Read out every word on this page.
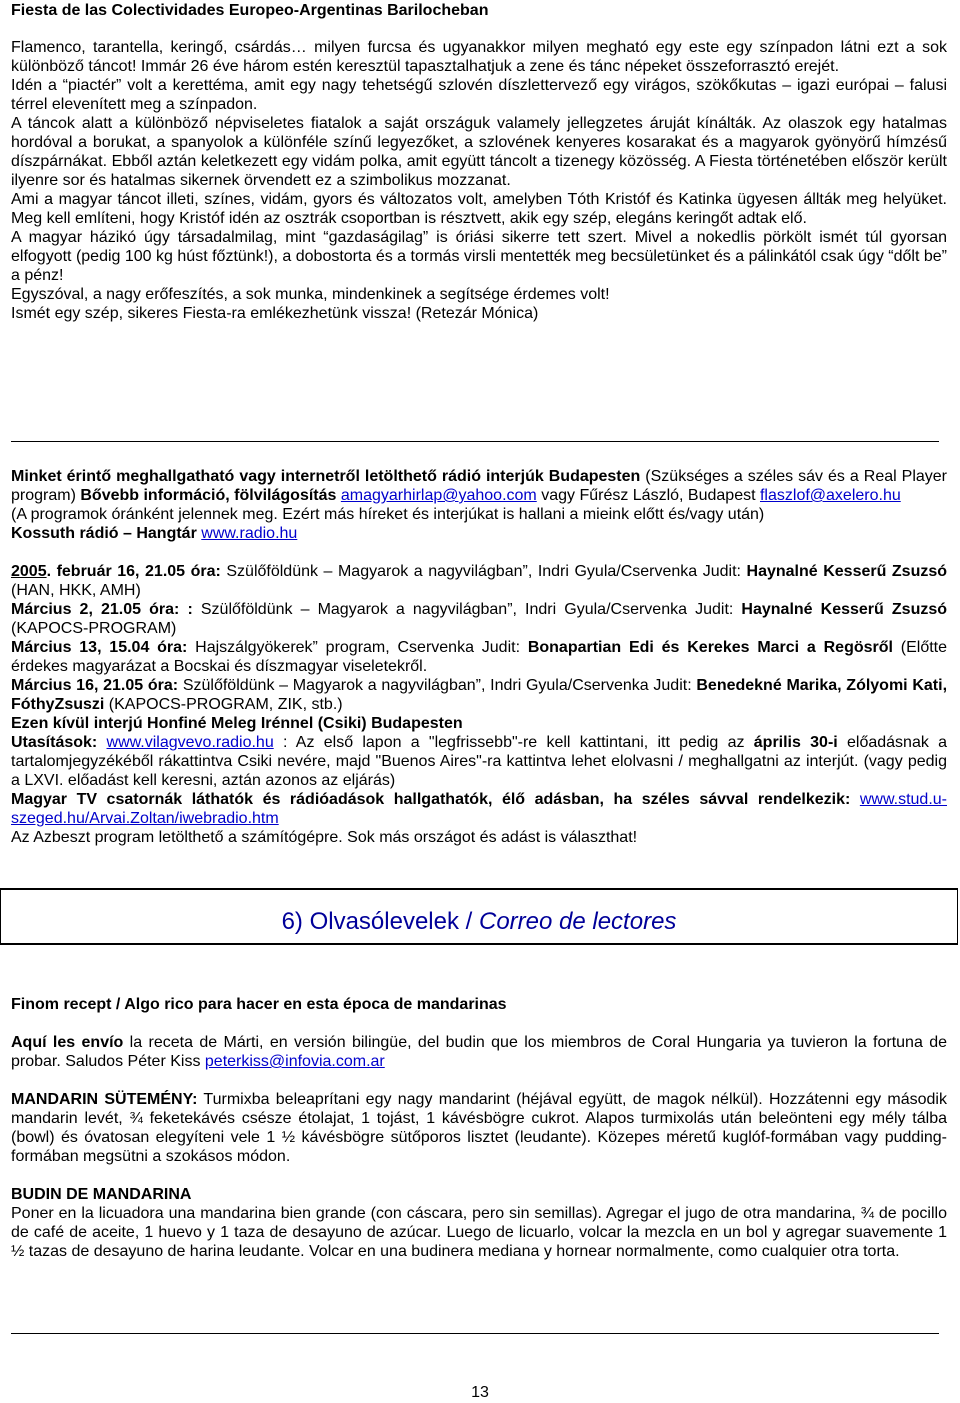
Fiesta de las Colectividades Europeo-Argentinas Barilocheban

Flamenco, tarantella, keringő, csárdás… milyen furcsa és ugyanakkor milyen megható egy este egy színpadon látni ezt a sok különböző táncot! Immár 26 éve három estén keresztül tapasztalhatjuk a zene és tánc népeket összeforrasztó erejét.

Idén a “piactér” volt a kerettéma, amit egy nagy tehetségű szlovén díszlettervező egy virágos, szökőkutas – igazi európai – falusi térrel elevenített meg a színpadon.

A táncok alatt a különböző népviseletes fiatalok a saját országuk valamely jellegzetes áruját kínálták. Az olaszok egy hatalmas hordóval a borukat, a spanyolok a különféle színű legyezőket, a szlovének kenyeres kosarakat és a magyarok gyönyörű hímzésű díszpárnákat. Ebből aztán keletkezett egy vidám polka, amit együtt táncolt a tizenegy közösség. A Fiesta történetében először került ilyenre sor és hatalmas sikernek örvendett ez a szimbolikus mozzanat.

Ami a magyar táncot illeti, színes, vidám, gyors és változatos volt, amelyben Tóth Kristóf és Katinka ügyesen állták meg helyüket. Meg kell említeni, hogy Kristóf idén az osztrák csoportban is résztvett, akik egy szép, elegáns keringőt adtak elő.

A magyar házikó úgy társadalmilag, mint “gazdaságilag” is óriási sikerre tett szert. Mivel a nokedlis pörkölt ismét túl gyorsan elfogyott (pedig 100 kg húst főztünk!), a dobostorta és a tormás virsli mentették meg becsületünket és a pálinkától csak úgy “dőlt be” a pénz!

Egyszóval, a nagy erőfeszítés, a sok munka, mindenkinek a segítsége érdemes volt!

Ismét egy szép, sikeres Fiesta-ra emlékezhetünk vissza! (Retezár Mónica)

Minket érintő meghallgatható vagy internetről letölthető rádió interjúk Budapesten (Szükséges a széles sáv és a Real Player program) Bővebb információ, fölvilágosítás amagyarhirlap@yahoo.com vagy Fűrész László, Budapest flaszlof@axelero.hu

(A programok óránként jelennek meg. Ezért más híreket és interjúkat is hallani a mieink előtt és/vagy után)

Kossuth rádió – Hangtár www.radio.hu

2005. február 16, 21.05 óra: Szülőföldünk – Magyarok a nagyvilágban”, Indri Gyula/Cservenka Judit: Haynalné Kesserű Zsuzsó (HAN, HKK, AMH)

Március 2, 21.05 óra: : Szülőföldünk – Magyarok a nagyvilágban”, Indri Gyula/Cservenka Judit: Haynalné Kesserű Zsuzsó (KAPOCS-PROGRAM)

Március 13, 15.04 óra: Hajszálgyökerek” program, Cservenka Judit: Bonapartian Edi és Kerekes Marci a Regösről (Előtte érdekes magyarázat a Bocskai és díszmagyar viseletekről.

Március 16, 21.05 óra: Szülőföldünk – Magyarok a nagyvilágban”, Indri Gyula/Cservenka Judit: Benedekné Marika, Zólyomi Kati, FóthyZsuszi (KAPOCS-PROGRAM, ZIK, stb.)

Ezen kívül interjú Honfiné Meleg Irénnel (Csiki) Budapesten

Utasítások: www.vilagvevo.radio.hu : Az első lapon a "legfrissebb"-re kell kattintani, itt pedig az április 30-i előadásnak a tartalomjegyzékéből rákattintva Csiki nevére, majd "Buenos Aires"-ra kattintva lehet elolvasni / meghallgatni az interjút. (vagy pedig a LXVI. előadást kell keresni, aztán azonos az eljárás)

Magyar TV csatornák láthatók és rádióadások hallgathatók, élő adásban, ha széles sávval rendelkezik: www.stud.u-szeged.hu/Arvai.Zoltan/iwebradio.htm

Az Azbeszt program letölthető a számítógépre. Sok más országot és adást is választhat!

6) Olvasólevelek / Correo de lectores

Finom recept / Algo rico para hacer en esta época de mandarinas

Aquí les envío la receta de Márti, en versión bilingüe, del budin que los miembros de Coral Hungaria ya tuvieron la fortuna de probar. Saludos Péter Kiss peterkiss@infovia.com.ar

MANDARIN SÜTEMÉNY: Turmixba beleaprítani egy nagy mandarint (héjával együtt, de magok nélkül). Hozzátenni egy második mandarin levét, ¾ feketekávés csésze étolajat, 1 tojást, 1 kávésbögre cukrot. Alapos turmixolás után beleönteni egy mély tálba (bowl) és óvatosan elegyíteni vele 1 ½ kávésbögre sütőporos lisztet (leudante). Közepes méretű kuglóf-formában vagy pudding-formában megsütni a szokásos módon.

BUDIN DE MANDARINA

Poner en la licuadora una mandarina bien grande (con cáscara, pero sin semillas). Agregar el jugo de otra mandarina, ¾ de pocillo de café de aceite, 1 huevo y 1 taza de desayuno de azúcar. Luego de licuarlo, volcar la mezcla en un bol y agregar suavemente 1 ½ tazas de desayuno de harina leudante. Volcar en una budinera mediana y hornear normalmente, como cualquier otra torta.

13
